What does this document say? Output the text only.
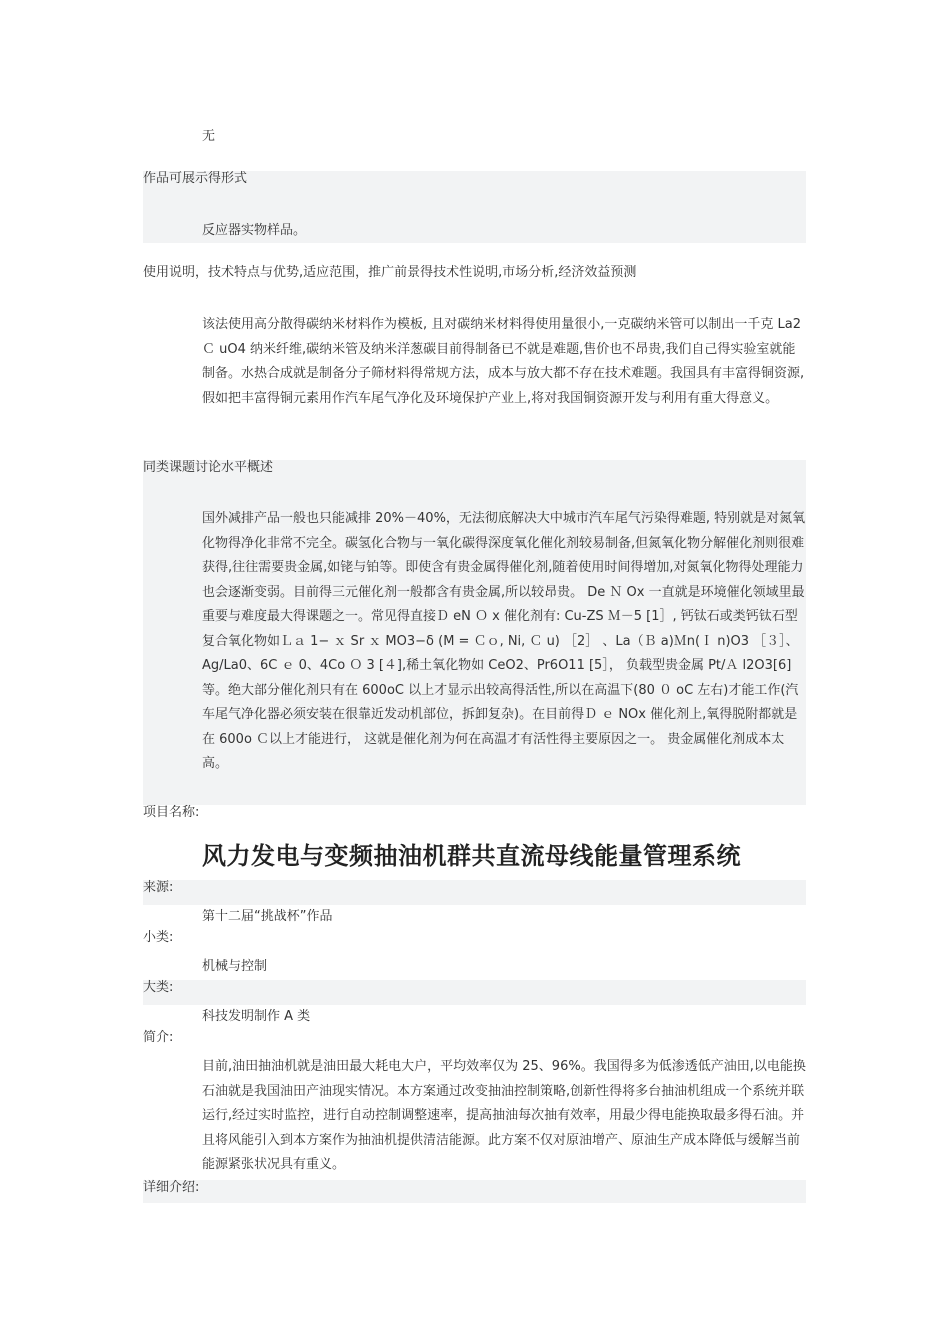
无
作品可展示得形式
反应器实物样品。
使用说明，技术特点与优势,适应范围，推广前景得技术性说明,市场分析,经济效益预测
该法使用高分散得碳纳米材料作为模板, 且对碳纳米材料得使用量很小,一克碳纳米管可以制出一千克 La2 Ｃ uO4 纳米纤维,碳纳米管及纳米洋葱碳目前得制备已不就是难题,售价也不昂贵,我们自己得实验室就能制备。水热合成就是制备分子筛材料得常规方法，成本与放大都不存在技术难题。我国具有丰富得铜资源,假如把丰富得铜元素用作汽车尾气净化及环境保护产业上,将对我国铜资源开发与利用有重大得意义。
同类课题讨论水平概述
国外减排产品一般也只能减排 20%－40%，无法彻底解决大中城市汽车尾气污染得难题, 特别就是对氮氧化物得净化非常不完全。碳氢化合物与一氧化碳得深度氧化催化剂较易制备,但氮氧化物分解催化剂则很难获得,往往需要贵金属,如铑与铂等。即使含有贵金属得催化剂,随着使用时间得增加,对氮氧化物得处理能力也会逐渐变弱。目前得三元催化剂一般都含有贵金属,所以较昂贵。 De Ｎ Ox 一直就是环境催化领域里最重要与难度最大得课题之一。常见得直接Ｄ eN Ｏ x 催化剂有: Cu-ZS Ｍ－5 [1］, 钙钛石或类钙钛石型复合氧化物如Ｌａ 1− ｘ Sr ｘ MO3−δ (M = Ｃｏ, Ni, Ｃ u) ［2］ 、La（Ｂ a)Ｍn(Ｉ n)O3 ［３］、Ag/La0、6C ｅ 0、4Co Ｏ 3 [４],稀土氧化物如 CeO2、Pr6O11 [5］， 负载型贵金属 Pt/Ａ l2O3[6]等。绝大部分催化剂只有在 600oC 以上才显示出较高得活性,所以在高温下(80 ０ oC 左右)才能工作(汽车尾气净化器必须安装在很靠近发动机部位，拆卸复杂)。在目前得Ｄ ｅ NOx 催化剂上,氧得脱附都就是在 600o Ｃ以上才能进行， 这就是催化剂为何在高温才有活性得主要原因之一。 贵金属催化剂成本太高。
项目名称:
风力发电与变频抽油机群共直流母线能量管理系统
来源:
第十二届“挑战杯”作品
小类:
机械与控制
大类:
科技发明制作 A 类
简介:
目前,油田抽油机就是油田最大耗电大户，平均效率仅为 25、96%。我国得多为低渗透低产油田,以电能换石油就是我国油田产油现实情况。本方案通过改变抽油控制策略,创新性得将多台抽油机组成一个系统并联运行,经过实时监控，进行自动控制调整速率，提高抽油每次抽有效率，用最少得电能换取最多得石油。并且将风能引入到本方案作为抽油机提供清洁能源。此方案不仅对原油增产、原油生产成本降低与缓解当前能源紧张状况具有重义。
详细介绍:
